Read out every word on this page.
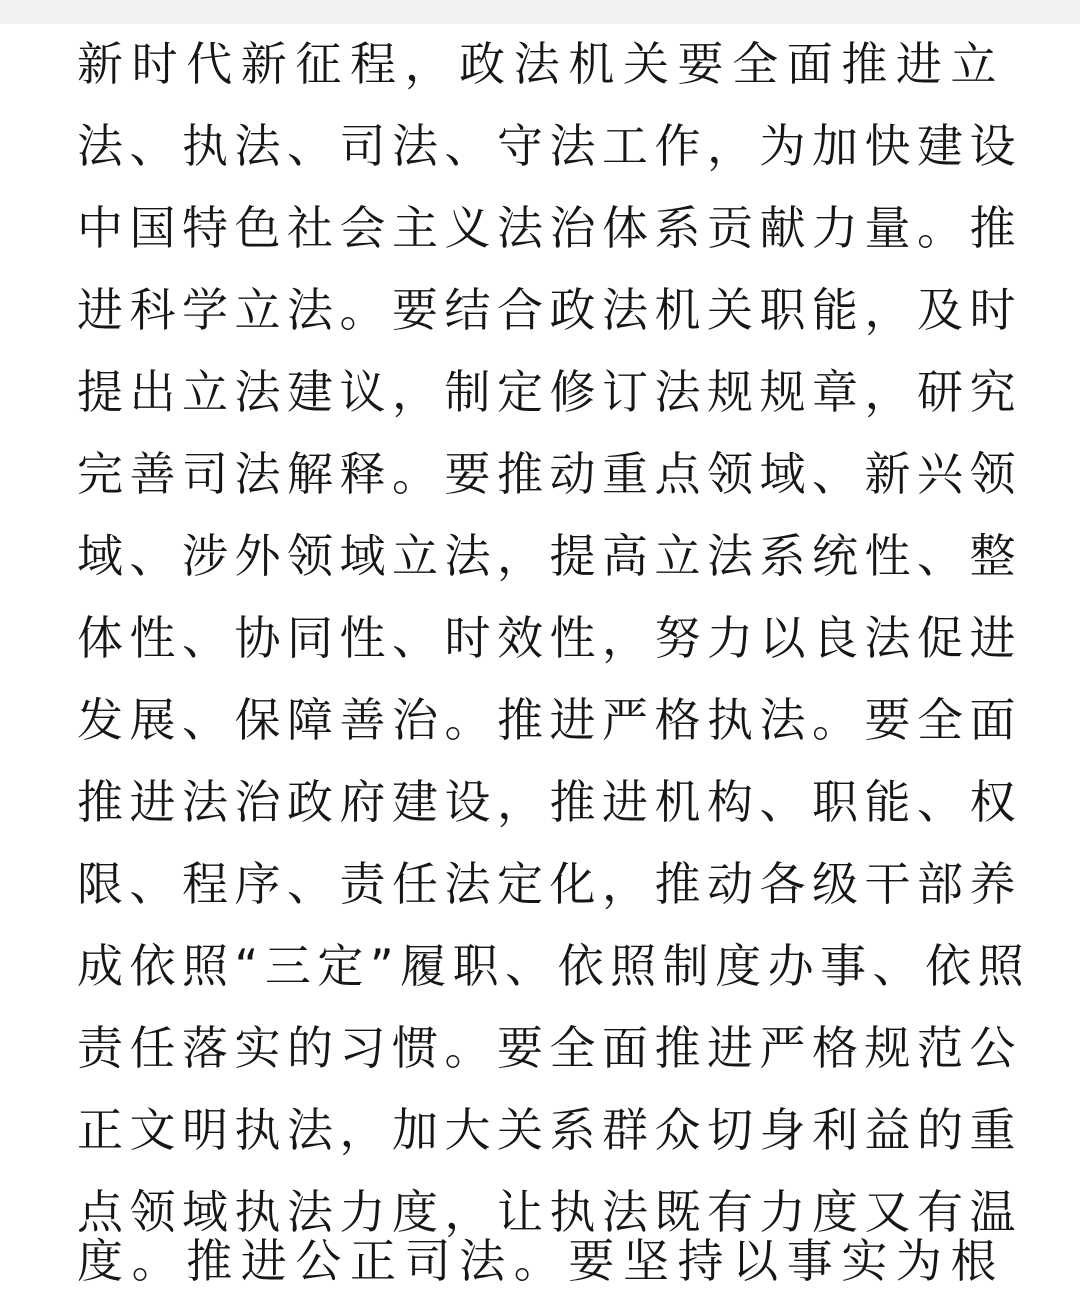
新时代新征程，政法机关要全面推进立
法、执法、司法、守法工作，为加快建设
中国特色社会主义法治体系贡献力量。推
进科学立法。要结合政法机关职能，及时
提出立法建议，制定修订法规规章，研究
完善司法解释。要推动重点领域、新兴领
域、涉外领域立法，提高立法系统性、整
体性、协同性、时效性，努力以良法促进
发展、保障善治。推进严格执法。要全面
推进法治政府建设，推进机构、职能、权
限、程序、责任法定化，推动各级干部养
成依照“三定”履职、依照制度办事、依照
责任落实的习惯。要全面推进严格规范公
正文明执法，加大关系群众切身利益的重
点领域执法力度，让执法既有力度又有温
度。推进公正司法。要坚持以事实为根
